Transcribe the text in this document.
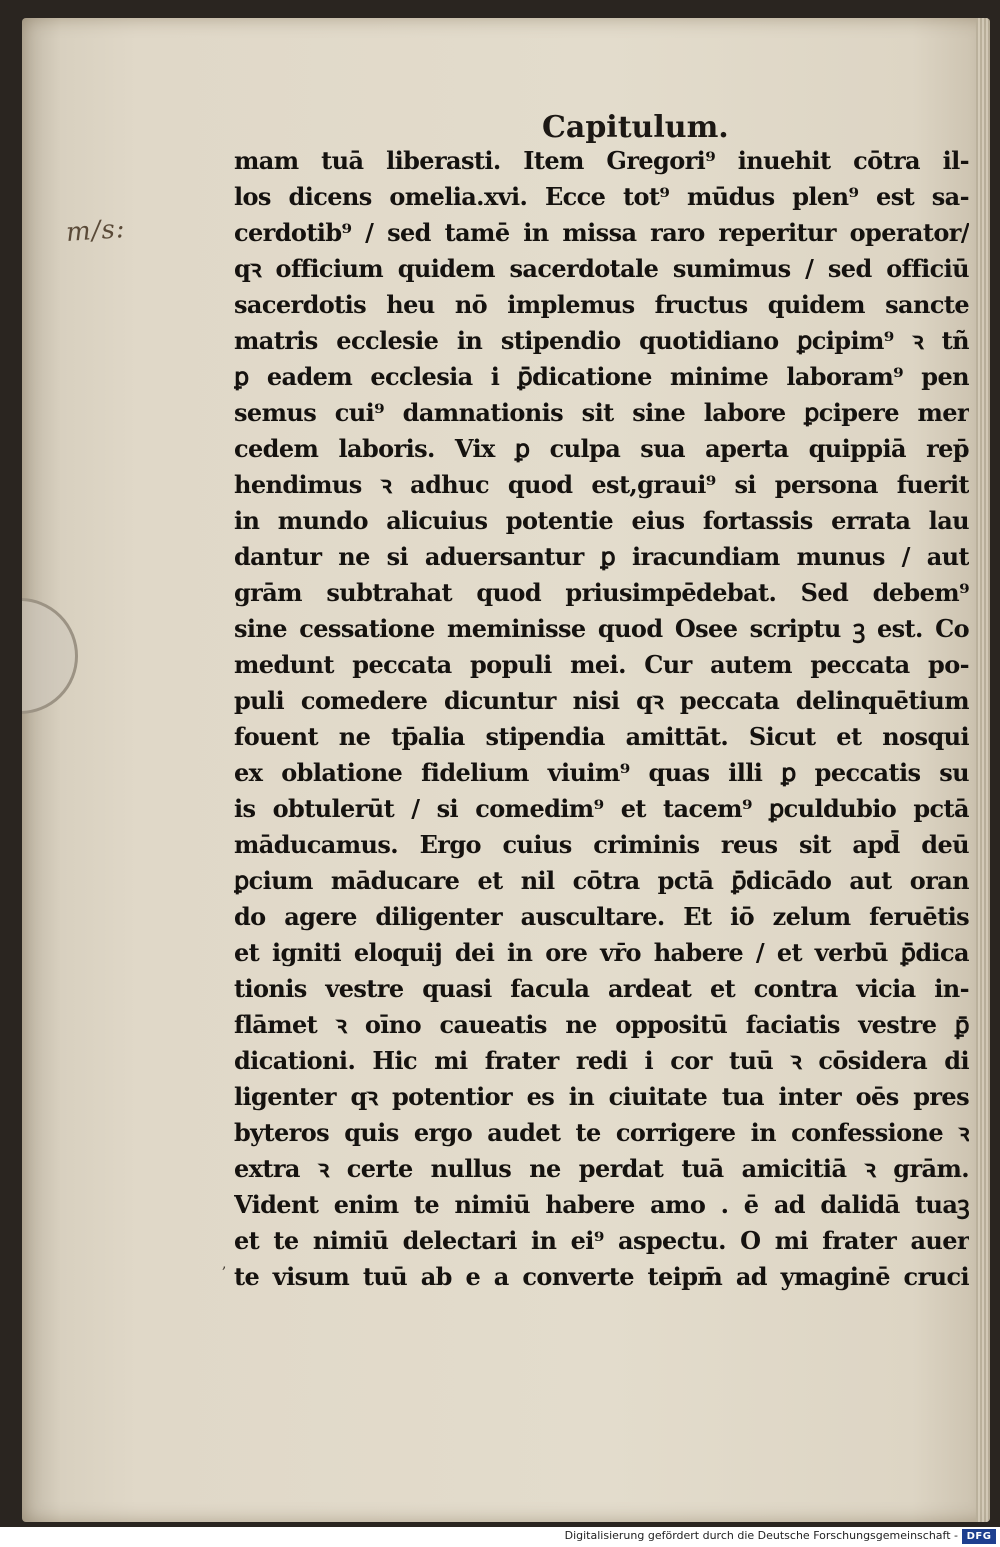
m/s:
Capitulum.
mam tuā liberasti. Item Gregori⁹ inuehit cōtra il-
los dicens omelia.xvi. Ecce tot⁹ mūdus plen⁹ est sa-
cerdotib⁹ / sed tamē in missa raro reperitur operator/
qꝛ officium quidem sacerdotale sumimus / sed officiū
sacerdotis heu nō implemus fructus quidem sancte
matris ecclesie in stipendio quotidiano ꝑcipim⁹ ꝛ tñ
ꝑ eadem ecclesia i ꝑ̄dicatione minime laboram⁹ pen
semus cui⁹ damnationis sit sine labore ꝑcipere mer
cedem laboris. Vix ꝑ culpa sua aperta quippiā rep̄
hendimus ꝛ adhuc quod est,graui⁹ si persona fuerit
in mundo alicuius potentie eius fortassis errata lau
dantur ne si aduersantur ꝑ iracundiam munus / aut
grām subtrahat quod priusimpēdebat. Sed debem⁹
sine cessatione meminisse quod Osee scriptu ꝫ est. Co
medunt peccata populi mei. Cur autem peccata po-
puli comedere dicuntur nisi qꝛ peccata delinquētium
fouent ne tp̄alia stipendia amittāt. Sicut et nosqui
ex oblatione fidelium viuim⁹ quas illi ꝑ peccatis su
is obtulerūt / si comedim⁹ et tacem⁹ ꝑculdubio pctā
māducamus. Ergo cuius criminis reus sit apd̄ deū
ꝑcium māducare et nil cōtra pctā ꝑ̄dicādo aut oran
do agere diligenter auscultare. Et iō zelum feruētis
et igniti eloquij dei in ore vr̄o habere / et verbū ꝑ̄dica
tionis vestre quasi facula ardeat et contra vicia in-
flāmet ꝛ oīno caueatis ne oppositū faciatis vestre ꝑ̄
dicationi. Hic mi frater redi i cor tuū ꝛ cōsidera di
ligenter qꝛ potentior es in ciuitate tua inter oēs pres
byteros quis ergo audet te corrigere in confessione ꝛ
extra ꝛ certe nullus ne perdat tuā amicitiā ꝛ grām.
Vident enim te nimiū habere amo . ē ad dalidā tuaꝫ
et te nimiū delectari in ei⁹ aspectu. O mi frater auer
te visum tuū ab e a converte teipm̄ ad ymaginē cruci
,
Digitalisierung gefördert durch die Deutsche Forschungsgemeinschaft - DFG
